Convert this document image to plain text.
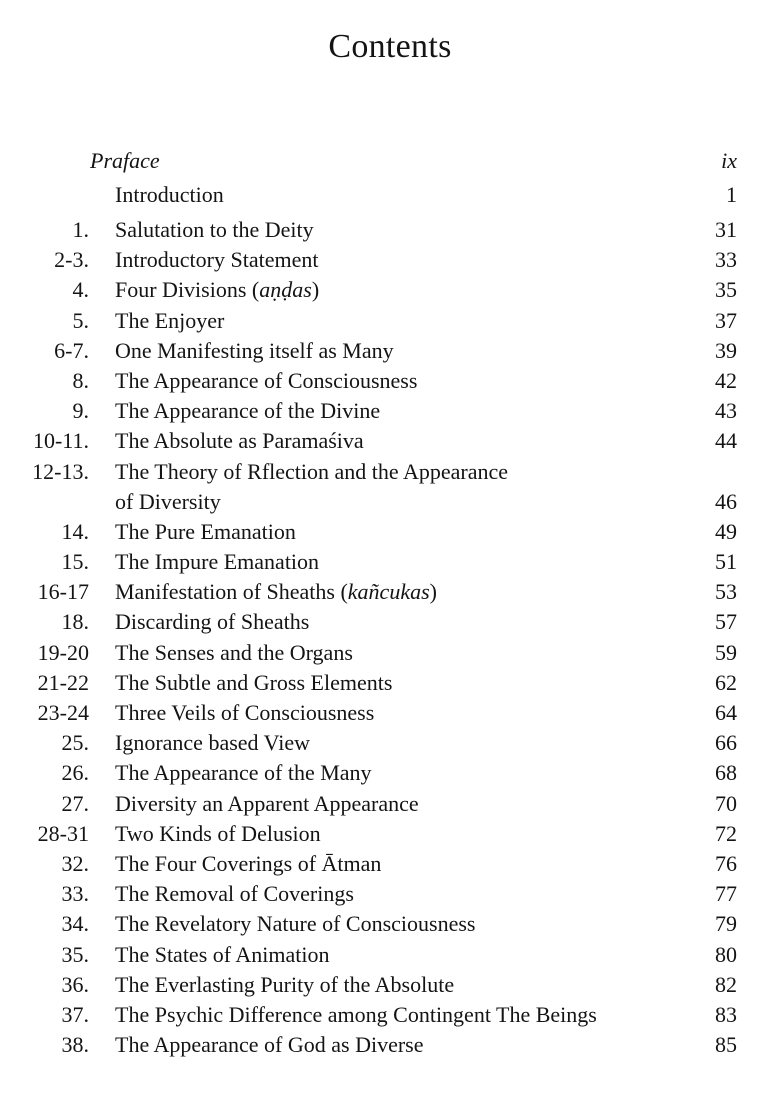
Contents
Praface	ix
Introduction	1
1. Salutation to the Deity	31
2-3. Introductory Statement	33
4. Four Divisions (aṇḍas)	35
5. The Enjoyer	37
6-7. One Manifesting itself as Many	39
8. The Appearance of Consciousness	42
9. The Appearance of the Divine	43
10-11. The Absolute as Paramaśiva	44
12-13. The Theory of Rflection and the Appearance
of Diversity	46
14. The Pure Emanation	49
15. The Impure Emanation	51
16-17 Manifestation of Sheaths (kañcukas)	53
18. Discarding of Sheaths	57
19-20 The Senses and the Organs	59
21-22 The Subtle and Gross Elements	62
23-24 Three Veils of Consciousness	64
25. Ignorance based View	66
26. The Appearance of the Many	68
27. Diversity an Apparent Appearance	70
28-31 Two Kinds of Delusion	72
32. The Four Coverings of Ātman	76
33. The Removal of Coverings	77
34. The Revelatory Nature of Consciousness	79
35. The States of Animation	80
36. The Everlasting Purity of the Absolute	82
37. The Psychic Difference among Contingent The Beings	83
38. The Appearance of God as Diverse	85
